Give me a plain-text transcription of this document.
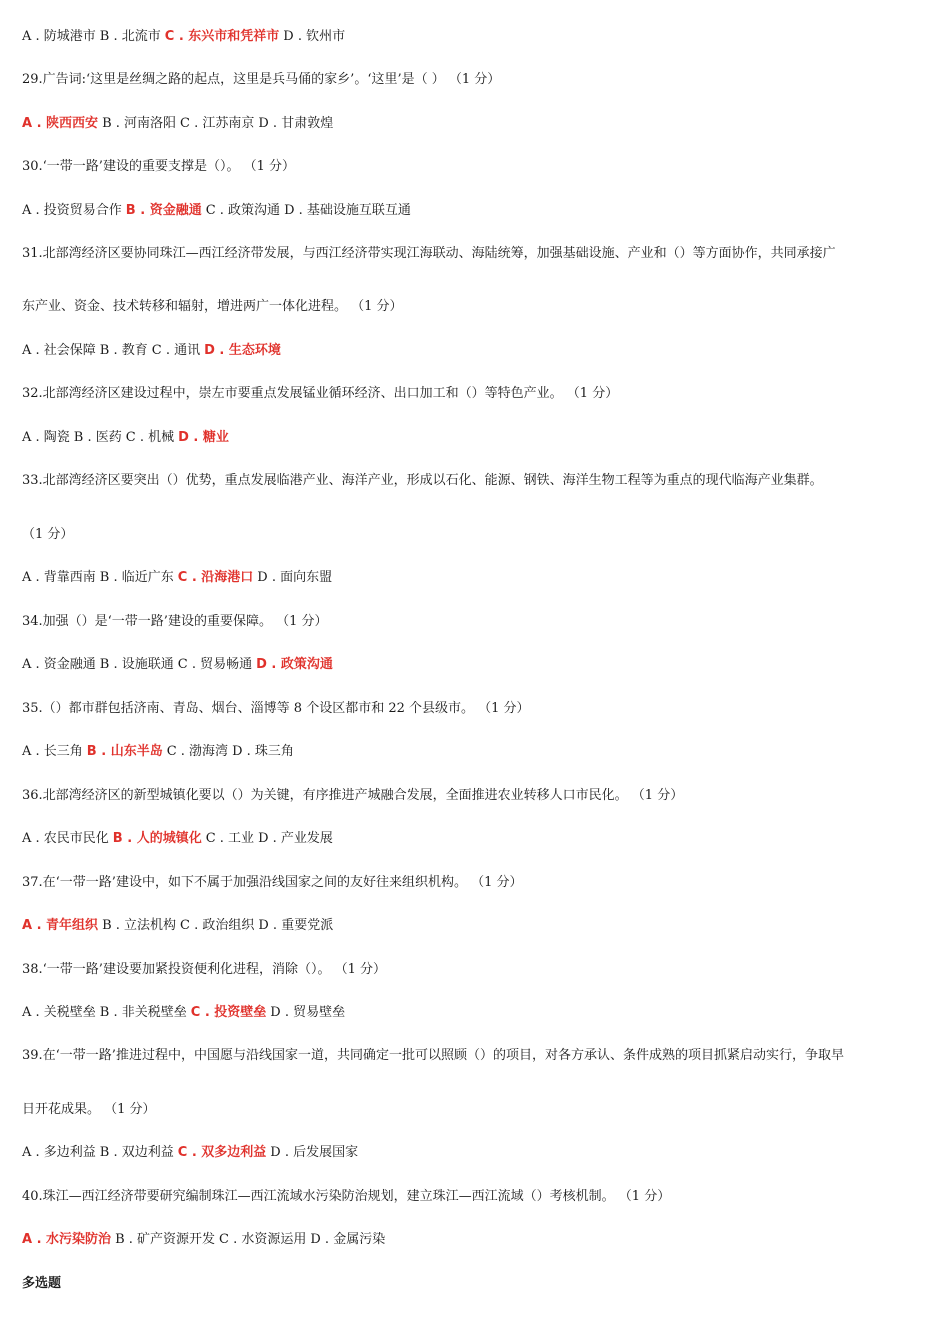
A . 防城港市 B . 北流市 C . 东兴市和凭祥市 D . 钦州市
29.广告词:‘这里是丝绸之路的起点，这里是兵马俑的家乡’。‘这里’是（ ） （1 分）
A . 陕西西安 B . 河南洛阳 C . 江苏南京 D . 甘肃敦煌
30.‘一带一路’建设的重要支撑是（）。 （1 分）
A . 投资贸易合作 B . 资金融通 C . 政策沟通 D . 基础设施互联互通
31.北部湾经济区要协同珠江—西江经济带发展，与西江经济带实现江海联动、海陆统筹，加强基础设施、产业和（）等方面协作，共同承接广
东产业、资金、技术转移和辐射，增进两广一体化进程。 （1 分）
A . 社会保障 B . 教育 C . 通讯 D . 生态环境
32.北部湾经济区建设过程中，崇左市要重点发展锰业循环经济、出口加工和（）等特色产业。 （1 分）
A . 陶瓷 B . 医药 C . 机械 D . 糖业
33.北部湾经济区要突出（）优势，重点发展临港产业、海洋产业，形成以石化、能源、钢铁、海洋生物工程等为重点的现代临海产业集群。
（1 分）
A . 背靠西南 B . 临近广东 C . 沿海港口 D . 面向东盟
34.加强（）是‘一带一路’建设的重要保障。 （1 分）
A . 资金融通 B . 设施联通 C . 贸易畅通 D . 政策沟通
35.（）都市群包括济南、青岛、烟台、淄博等 8 个设区都市和 22 个县级市。 （1 分）
A . 长三角 B . 山东半岛 C . 渤海湾 D . 珠三角
36.北部湾经济区的新型城镇化要以（）为关键，有序推进产城融合发展，全面推进农业转移人口市民化。 （1 分）
A . 农民市民化 B . 人的城镇化 C . 工业 D . 产业发展
37.在‘一带一路’建设中，如下不属于加强沿线国家之间的友好往来组织机构。 （1 分）
A . 青年组织 B . 立法机构 C . 政治组织 D . 重要党派
38.‘一带一路’建设要加紧投资便利化进程，消除（）。 （1 分）
A . 关税壁垒 B . 非关税壁垒 C . 投资壁垒 D . 贸易壁垒
39.在‘一带一路’推进过程中，中国愿与沿线国家一道，共同确定一批可以照顾（）的项目，对各方承认、条件成熟的项目抓紧启动实行，争取早
日开花成果。 （1 分）
A . 多边利益 B . 双边利益 C . 双多边利益 D . 后发展国家
40.珠江—西江经济带要研究编制珠江—西江流域水污染防治规划，建立珠江—西江流域（）考核机制。 （1 分）
A . 水污染防治 B . 矿产资源开发 C . 水资源运用 D . 金属污染
多选题
